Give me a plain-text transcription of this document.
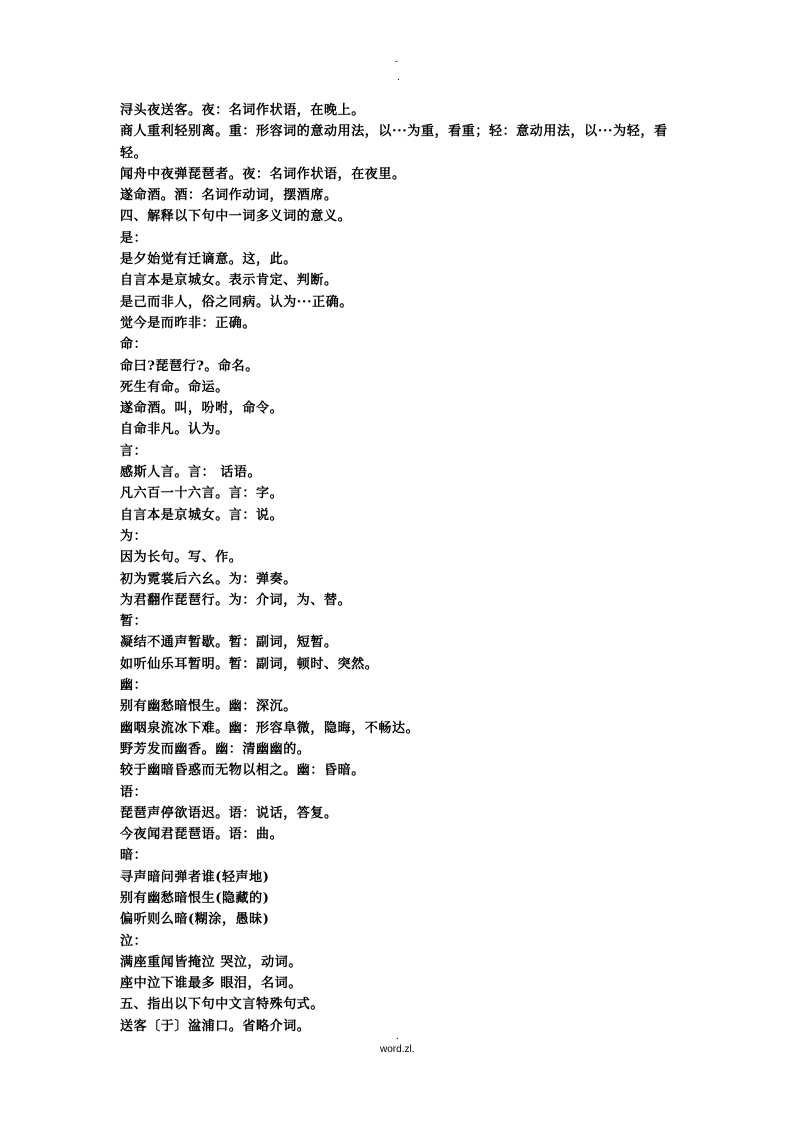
-
.
浔头夜送客。夜：名词作状语，在晚上。
商人重利轻别离。重：形容词的意动用法，以···为重，看重；轻：意动用法，以···为轻，看轻。
闻舟中夜弹琵琶者。夜：名词作状语，在夜里。
遂命酒。酒：名词作动词，摆酒席。
四、解释以下句中一词多义词的意义。
是：
是夕始觉有迁谪意。这，此。
自言本是京城女。表示肯定、判断。
是己而非人，俗之同病。认为···正确。
觉今是而昨非：正确。
命：
命曰?琵琶行?。命名。
死生有命。命运。
遂命酒。叫，吩咐，命令。
自命非凡。认为。
言：
感斯人言。言： 话语。
凡六百一十六言。言：字。
自言本是京城女。言：说。
为：
因为长句。写、作。
初为霓裳后六幺。为：弹奏。
为君翻作琵琶行。为：介词，为、替。
暂：
凝结不通声暂歇。暂：副词，短暂。
如听仙乐耳暂明。暂：副词，顿时、突然。
幽：
别有幽愁暗恨生。幽：深沉。
幽咽泉流冰下难。幽：形容阜微，隐晦，不畅达。
野芳发而幽香。幽：清幽幽的。
较于幽暗昏惑而无物以相之。幽：昏暗。
语：
琵琶声停欲语迟。语：说话，答复。
今夜闻君琵琶语。语：曲。
暗：
寻声暗问弹者谁(轻声地)
别有幽愁暗恨生(隐藏的)
偏听则么暗(糊涂，愚昧)
泣：
满座重闻皆掩泣 哭泣，动词。
座中泣下谁最多 眼泪，名词。
五、指出以下句中文言特殊句式。
送客〔于〕湓浦口。省略介词。
.
word.zl.
